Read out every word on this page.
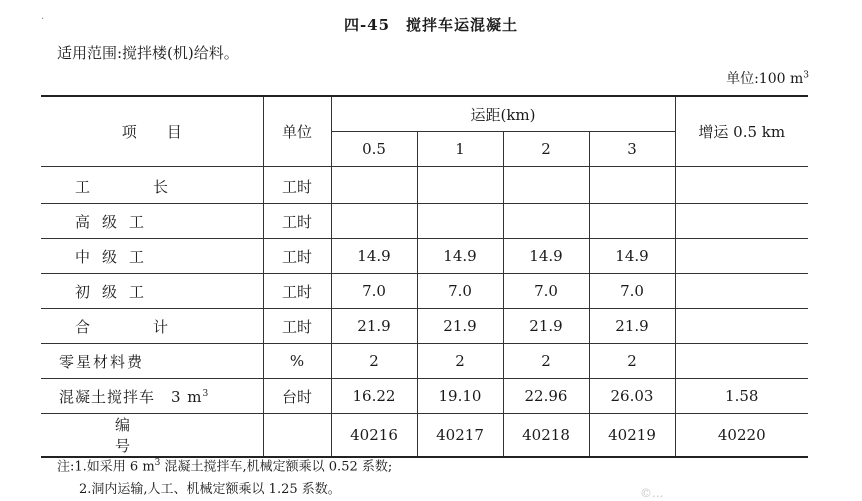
·	四-45　搅拌车运混凝土
适用范围:搅拌楼(机)给料。
单位:100 $m^3$
项　　目	单位	运距(km)				增运 0.5 km
		0.5	1	2	3	
工　长	工时					
高级工	工时					
中级工	工时	14.9	14.9	14.9	14.9	
初级工	工时	7.0	7.0	7.0	7.0	
合　计	工时	21.9	21.9	21.9	21.9	
零星材料费	%	2	2	2	2	
混凝土搅拌车　3 $m^3$	台时	16.22	19.10	22.96	26.03	1.58
编　号		40216	40217	40218	40219	40220
注:1.如采用 6 $m^3$ 混凝土搅拌车,机械定额乘以 0.52 系数;
2.洞内运输,人工、机械定额乘以 1.25 系数。	©...
